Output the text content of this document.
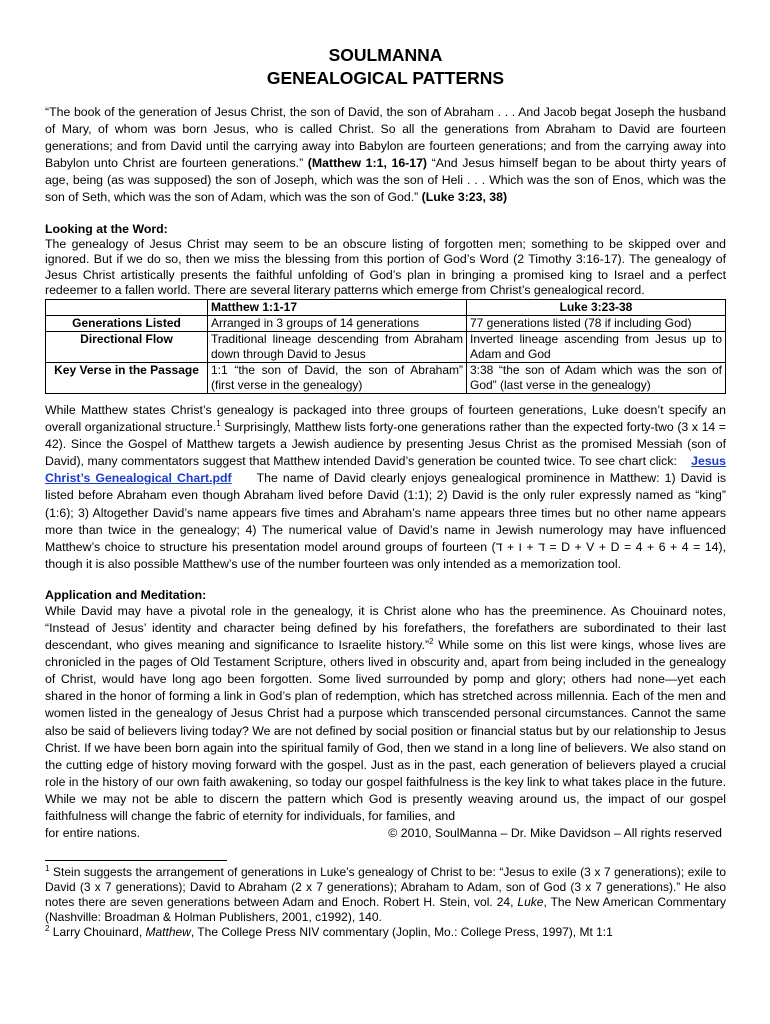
SOULMANNA
GENEALOGICAL PATTERNS

“The book of the generation of Jesus Christ, the son of David, the son of Abraham . . . And Jacob begat Joseph the husband of Mary, of whom was born Jesus, who is called Christ. So all the generations from Abraham to David are fourteen generations; and from David until the carrying away into Babylon are fourteen generations; and from the carrying away into Babylon unto Christ are fourteen generations.” (Matthew 1:1, 16-17) “And Jesus himself began to be about thirty years of age, being (as was supposed) the son of Joseph, which was the son of Heli . . . Which was the son of Enos, which was the son of Seth, which was the son of Adam, which was the son of God.” (Luke 3:23, 38)

Looking at the Word:

The genealogy of Jesus Christ may seem to be an obscure listing of forgotten men; something to be skipped over and ignored. But if we do so, then we miss the blessing from this portion of God’s Word (2 Timothy 3:16-17). The genealogy of Jesus Christ artistically presents the faithful unfolding of God’s plan in bringing a promised king to Israel and a perfect redeemer to a fallen world. There are several literary patterns which emerge from Christ’s genealogical record.

	Matthew 1:1-17	Luke 3:23-38
Generations Listed	Arranged in 3 groups of 14 generations	77 generations listed (78 if including God)
Directional Flow	Traditional lineage descending from Abraham down through David to Jesus	Inverted lineage ascending from Jesus up to Adam and God
Key Verse in the Passage	1:1 “the son of David, the son of Abraham” (first verse in the genealogy)	3:38 “the son of Adam which was the son of God” (last verse in the genealogy)

While Matthew states Christ’s genealogy is packaged into three groups of fourteen generations, Luke doesn’t specify an overall organizational structure.$^1$ Surprisingly, Matthew lists forty-one generations rather than the expected forty-two (3 x 14 = 42). Since the Gospel of Matthew targets a Jewish audience by presenting Jesus Christ as the promised Messiah (son of David), many commentators suggest that Matthew intended David’s generation be counted twice. To see chart click: Jesus Christ’s Genealogical Chart.pdf The name of David clearly enjoys genealogical prominence in Matthew: 1) David is listed before Abraham even though Abraham lived before David (1:1); 2) David is the only ruler expressly named as “king” (1:6); 3) Altogether David’s name appears five times and Abraham’s name appears three times but no other name appears more than twice in the genealogy; 4) The numerical value of David’s name in Jewish numerology may have influenced Matthew’s choice to structure his presentation model around groups of fourteen (ד + ו + ד = D + V + D = 4 + 6 + 4 = 14), though it is also possible Matthew’s use of the number fourteen was only intended as a memorization tool.

Application and Meditation:

While David may have a pivotal role in the genealogy, it is Christ alone who has the preeminence. As Chouinard notes, “Instead of Jesus’ identity and character being defined by his forefathers, the forefathers are subordinated to their last descendant, who gives meaning and significance to Israelite history.”$^2$ While some on this list were kings, whose lives are chronicled in the pages of Old Testament Scripture, others lived in obscurity and, apart from being included in the genealogy of Christ, would have long ago been forgotten. Some lived surrounded by pomp and glory; others had none—yet each shared in the honor of forming a link in God’s plan of redemption, which has stretched across millennia. Each of the men and women listed in the genealogy of Jesus Christ had a purpose which transcended personal circumstances. Cannot the same also be said of believers living today? We are not defined by social position or financial status but by our relationship to Jesus Christ. If we have been born again into the spiritual family of God, then we stand in a long line of believers. We also stand on the cutting edge of history moving forward with the gospel. Just as in the past, each generation of believers played a crucial role in the history of our own faith awakening, so today our gospel faithfulness is the key link to what takes place in the future. While we may not be able to discern the pattern which God is presently weaving around us, the impact of our gospel faithfulness will change the fabric of eternity for individuals, for families, and

for entire nations.	© 2010, SoulManna – Dr. Mike Davidson – All rights reserved

$^1$ Stein suggests the arrangement of generations in Luke’s genealogy of Christ to be: “Jesus to exile (3 x 7 generations); exile to David (3 x 7 generations); David to Abraham (2 x 7 generations); Abraham to Adam, son of God (3 x 7 generations).” He also notes there are seven generations between Adam and Enoch. Robert H. Stein, vol. 24, Luke, The New American Commentary (Nashville: Broadman & Holman Publishers, 2001, c1992), 140.

$^2$ Larry Chouinard, Matthew, The College Press NIV commentary (Joplin, Mo.: College Press, 1997), Mt 1:1
